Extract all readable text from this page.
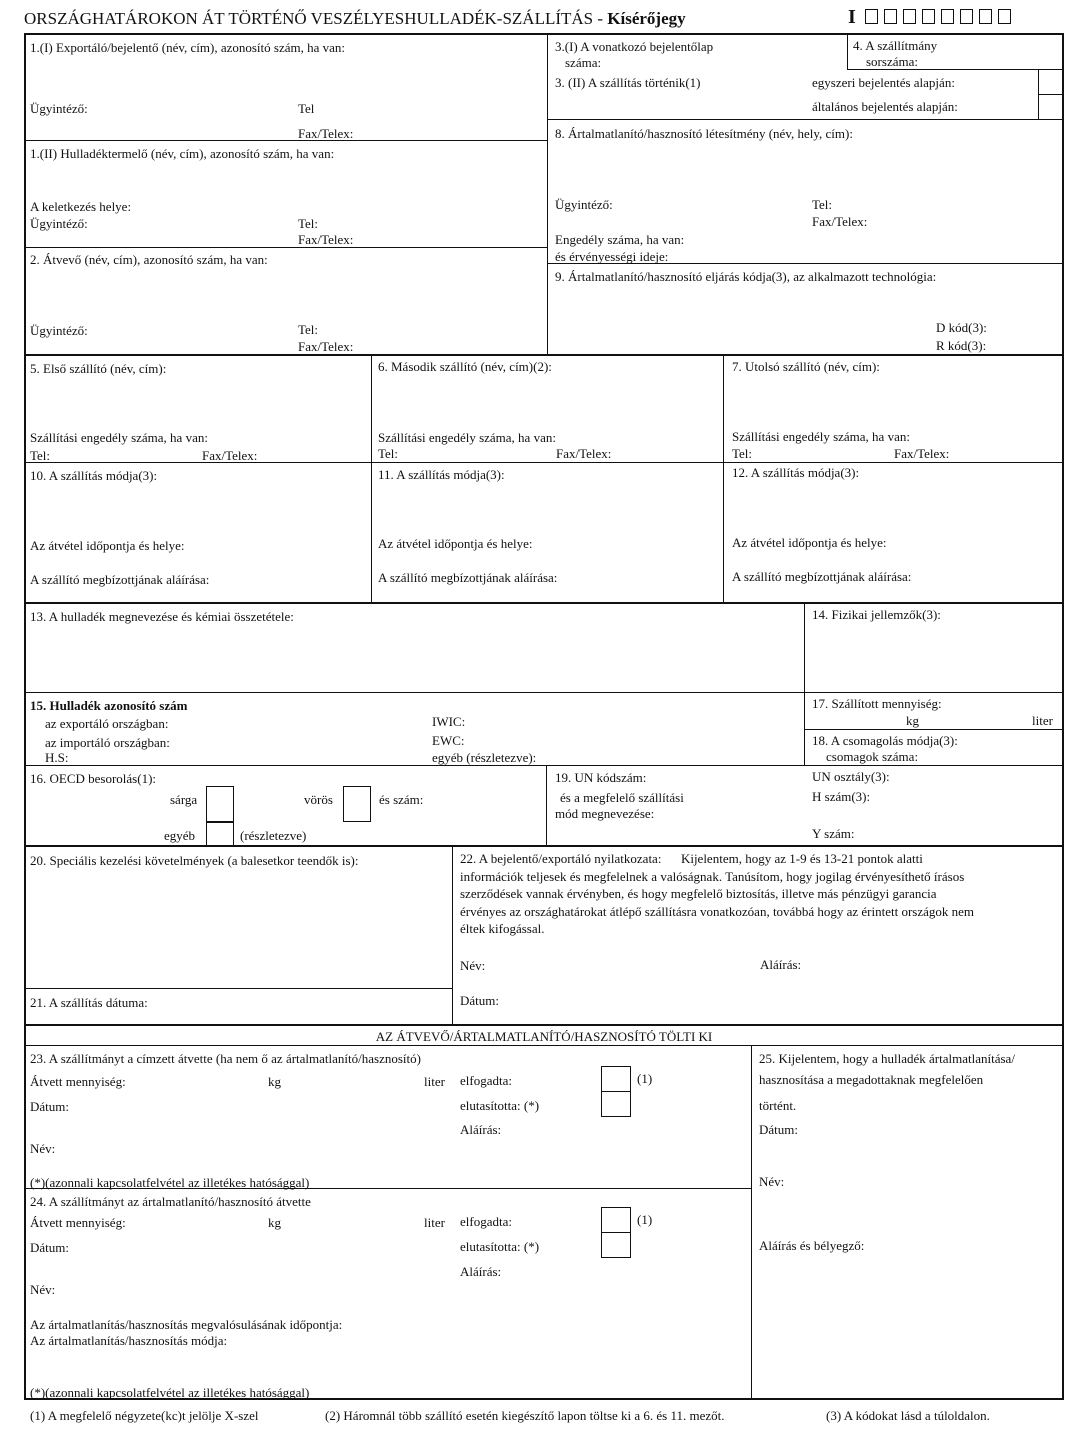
ORSZÁGHATÁROKON ÁT TÖRTÉNŐ VESZÉLYESHULLADÉK-SZÁLLÍTÁS - Kísérőjegy	I
1.(I) Exportáló/bejelentő (név, cím), azonosító szám, ha van:
Ügyintéző:	Tel
Fax/Telex:
1.(II) Hulladéktermelő (név, cím), azonosító szám, ha van:
A keletkezés helye:
Ügyintéző:	Tel:
Fax/Telex:
2. Átvevő (név, cím), azonosító szám, ha van:
Ügyintéző:	Tel:
Fax/Telex:
3.(I) A vonatkozó bejelentőlap
száma:
3. (II) A szállítás történik(1)	egyszeri bejelentés alapján:
általános bejelentés alapján:
4. A szállítmány
sorszáma:
8. Ártalmatlanító/hasznosító létesítmény (név, hely, cím):
Ügyintéző:	Tel:
Fax/Telex:
Engedély száma, ha van:
és érvényességi ideje:
9. Ártalmatlanító/hasznosító eljárás kódja(3), az alkalmazott technológia:
D kód(3):
R kód(3):
5. Első szállító (név, cím):
Szállítási engedély száma, ha van:
Tel:	Fax/Telex:
6. Második szállító (név, cím)(2):
Szállítási engedély száma, ha van:
Tel:	Fax/Telex:
7. Utolsó szállító (név, cím):
Szállítási engedély száma, ha van:
Tel:	Fax/Telex:
10. A szállítás módja(3):
Az átvétel időpontja és helye:
A szállító megbízottjának aláírása:
11. A szállítás módja(3):
Az átvétel időpontja és helye:
A szállító megbízottjának aláírása:
12. A szállítás módja(3):
Az átvétel időpontja és helye:
A szállító megbízottjának aláírása:
13. A hulladék megnevezése és kémiai összetétele:	14. Fizikai jellemzők(3):
15. Hulladék azonosító szám
az exportáló országban:
az importáló országban:
H.S:
IWIC:
EWC:
egyéb (részletezve):
17. Szállított mennyiség:
kg	liter
18. A csomagolás módja(3):
csomagok száma:
16. OECD besorolás(1):
sárga	vörös	és szám:
egyéb	(részletezve)
19. UN kódszám:
és a megfelelő szállítási
mód megnevezése:
UN osztály(3):
H szám(3):
Y szám:
20. Speciális kezelési követelmények (a balesetkor teendők is):
21. A szállítás dátuma:
22. A bejelentő/exportáló nyilatkozata:      Kijelentem, hogy az 1-9 és 13-21 pontok alatti
információk teljesek és megfelelnek a valóságnak. Tanúsítom, hogy jogilag érvényesíthető írásos
szerződések vannak érvényben, és hogy megfelelő biztosítás, illetve más pénzügyi garancia
érvényes az országhatárokat átlépő szállításra vonatkozóan, továbbá hogy az érintett országok nem
éltek kifogással.
Név:	Aláírás:
Dátum:
AZ ÁTVEVŐ/ÁRTALMATLANÍTÓ/HASZNOSÍTÓ TÖLTI KI
23. A szállítmányt a címzett átvette (ha nem ő az ártalmatlanító/hasznosító)
Átvett mennyiség:	kg	liter elfogadta:	(1)
Dátum:	elutasította: (*)
Aláírás:
Név:
(*)(azonnali kapcsolatfelvétel az illetékes hatósággal)
24. A szállítmányt az ártalmatlanító/hasznosító átvette
Átvett mennyiség:	kg	liter elfogadta:	(1)
Dátum:	elutasította: (*)
Aláírás:
Név:
Az ártalmatlanítás/hasznosítás megvalósulásának időpontja:
Az ártalmatlanítás/hasznosítás módja:
(*)(azonnali kapcsolatfelvétel az illetékes hatósággal)
25. Kijelentem, hogy a hulladék ártalmatlanítása/
hasznosítása a megadottaknak megfelelően
történt.
Dátum:
Név:
Aláírás és bélyegző:
(1) A megfelelő négyzete(kc)t jelölje X-szel	(2) Háromnál több szállító esetén kiegészítő lapon töltse ki a 6. és 11. mezőt.	(3) A kódokat lásd a túloldalon.
